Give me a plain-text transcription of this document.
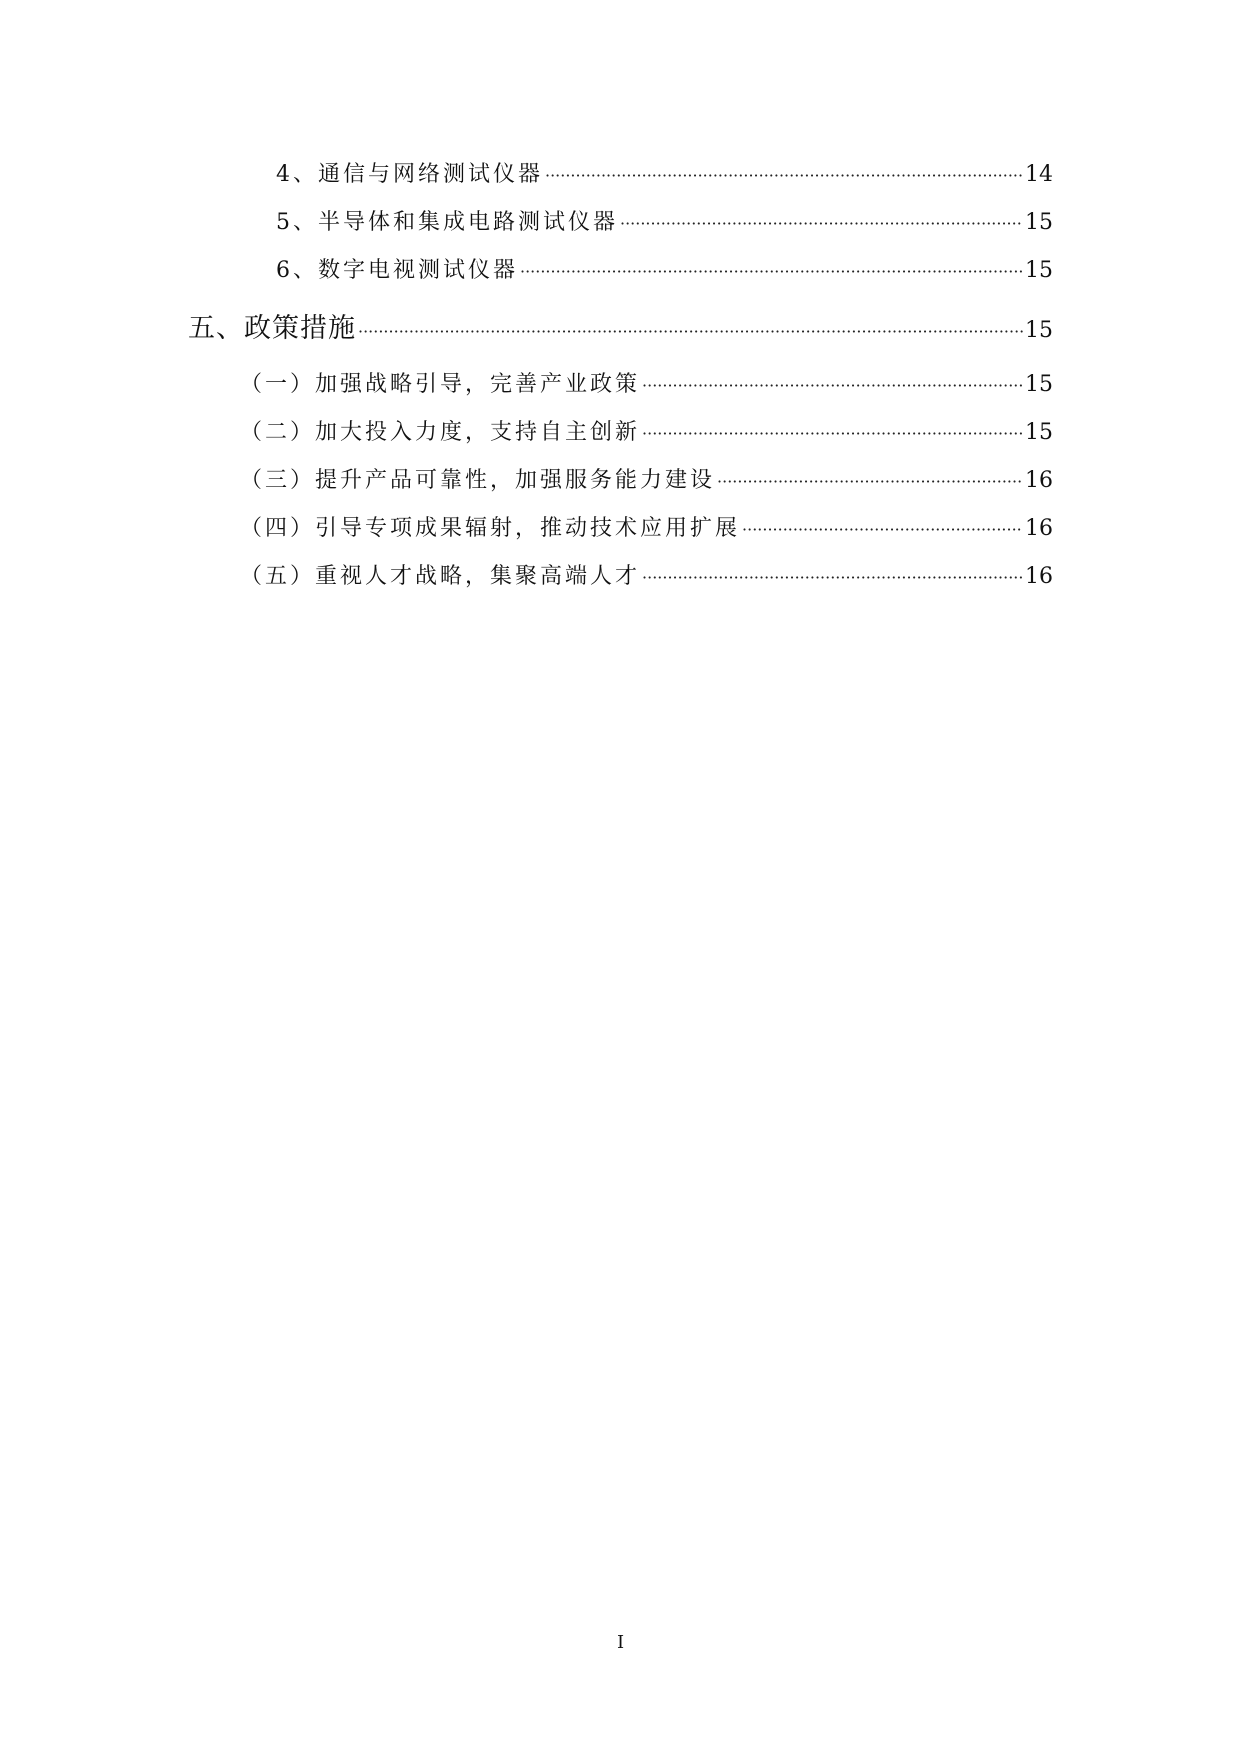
4、通信与网络测试仪器 ·····	14
5、半导体和集成电路测试仪器 ·····	15
6、数字电视测试仪器 ·····	15
五、政策措施 ·····	15
（一）加强战略引导，完善产业政策 ·····	15
（二）加大投入力度，支持自主创新 ·····	15
（三）提升产品可靠性，加强服务能力建设 ·····	16
（四）引导专项成果辐射，推动技术应用扩展 ·····	16
（五）重视人才战略，集聚高端人才 ·····	16
I
